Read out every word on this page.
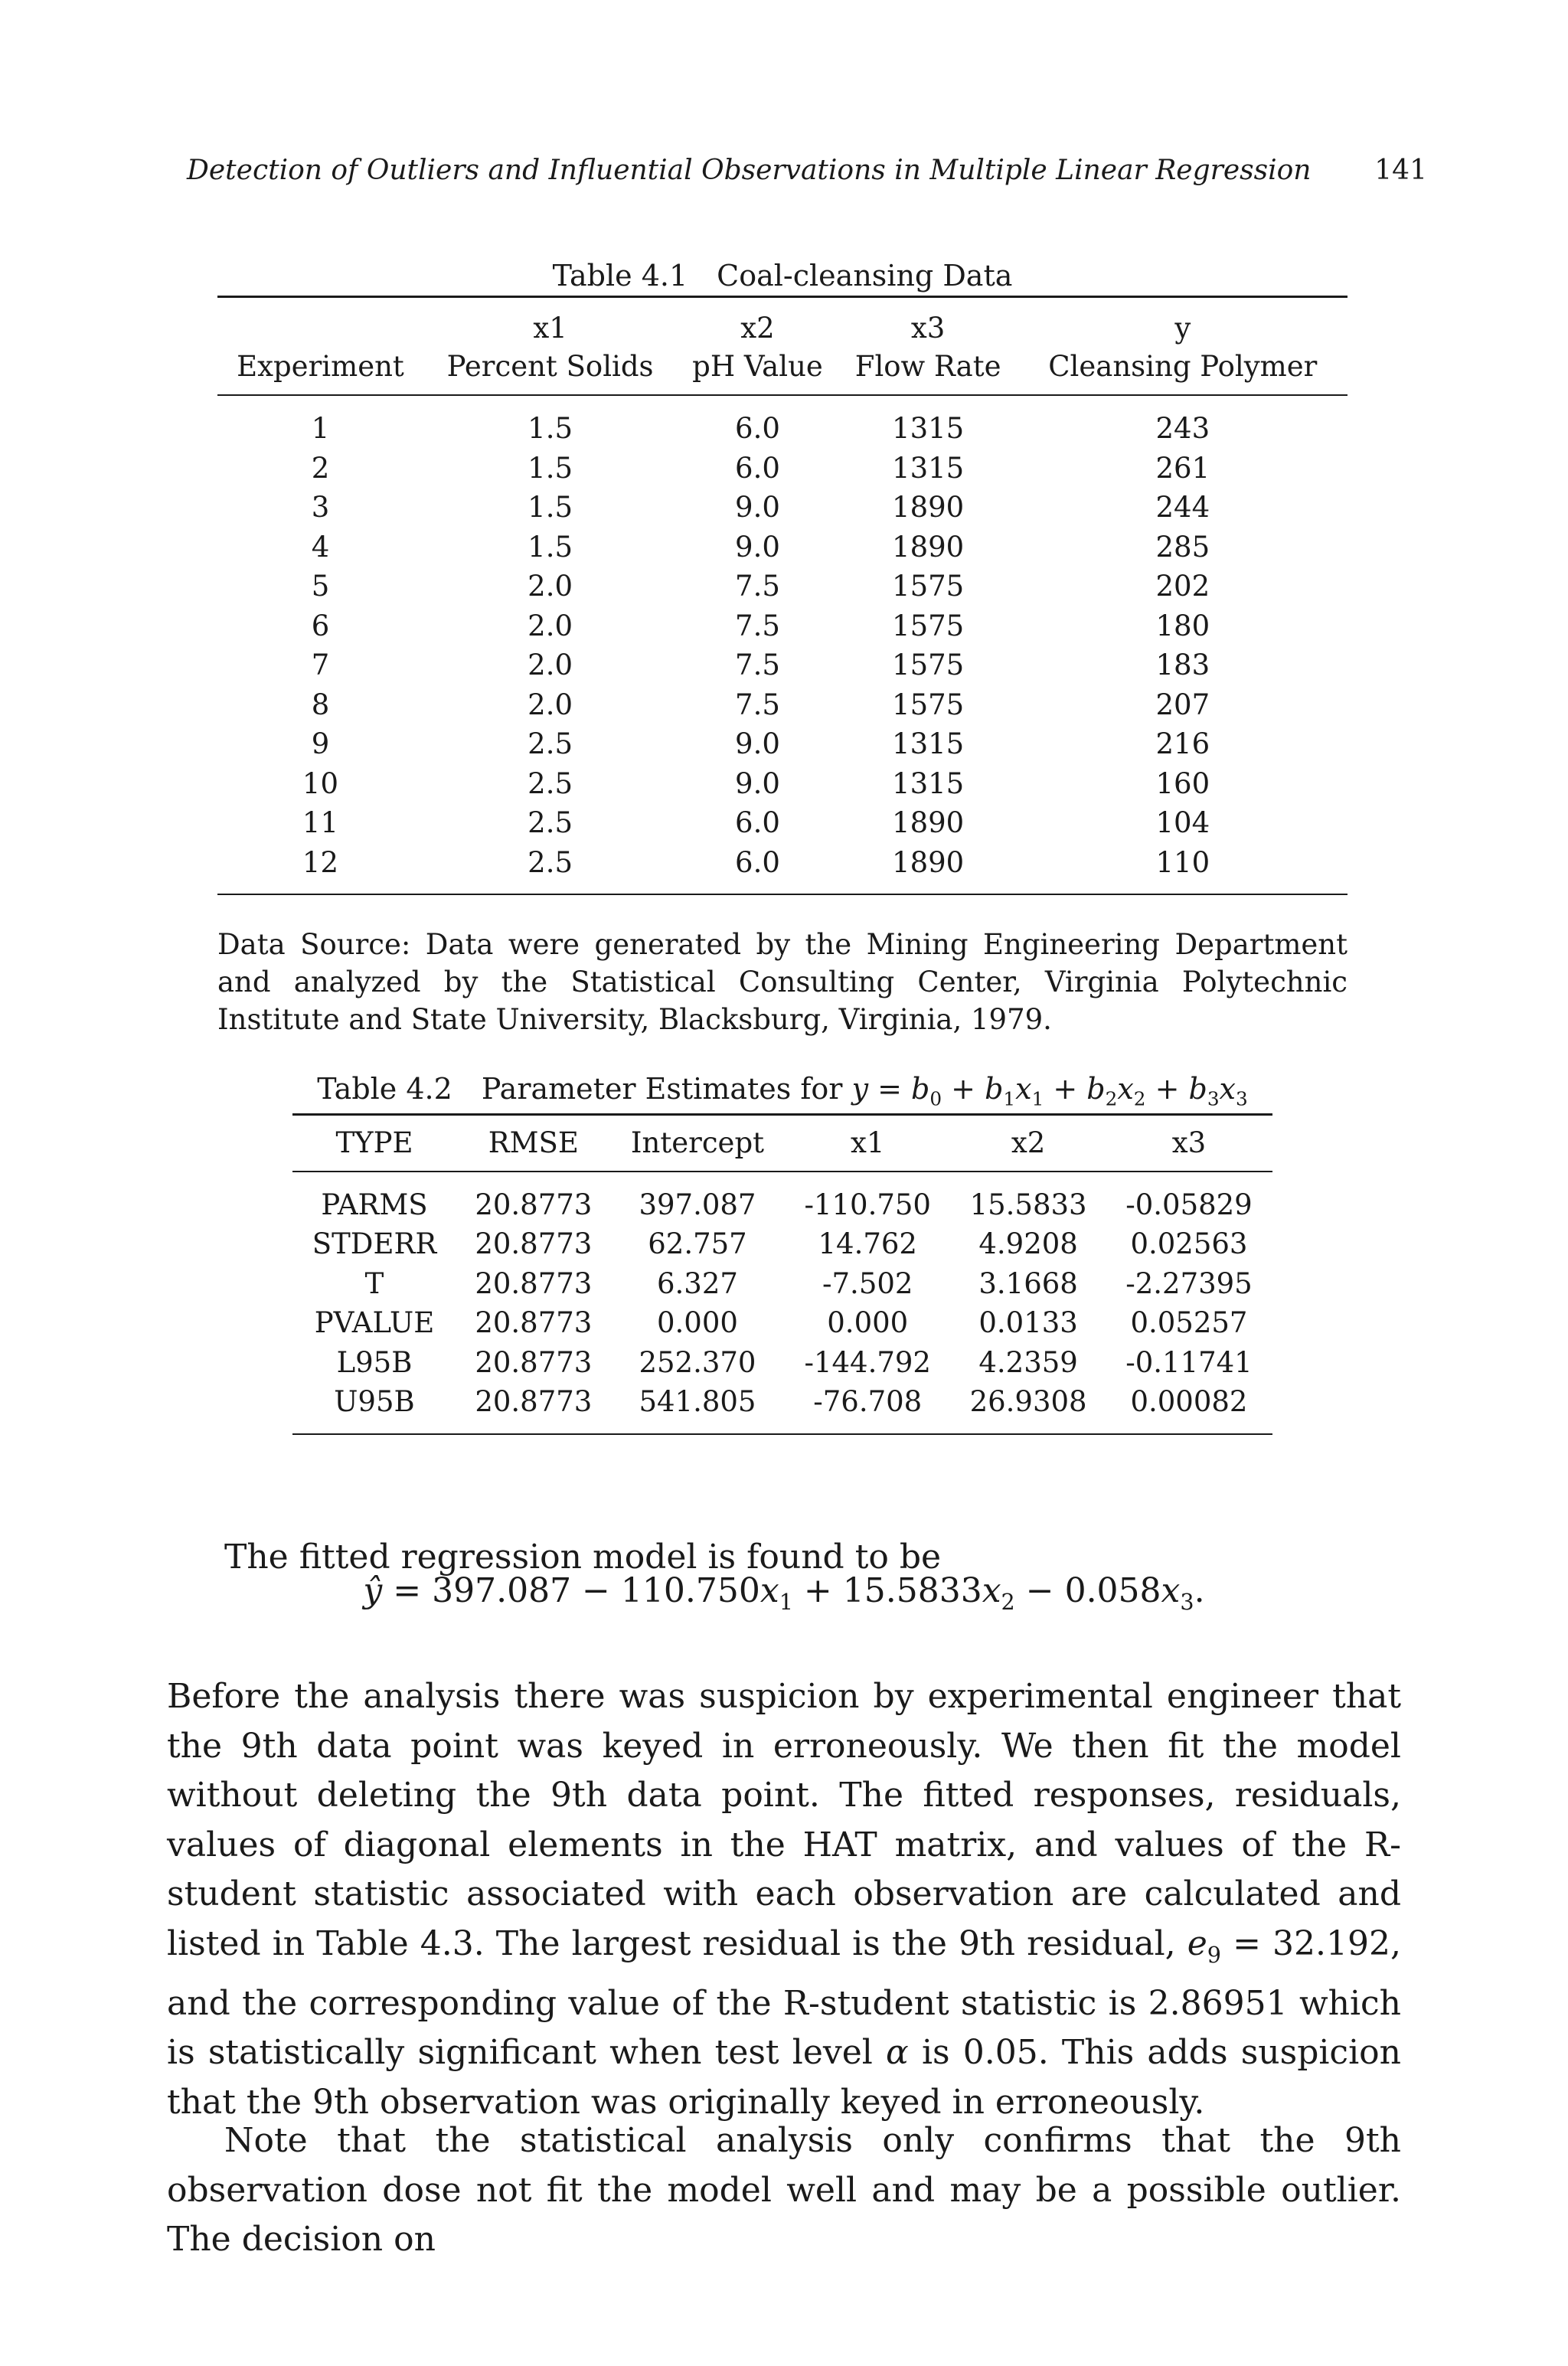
Detection of Outliers and Influential Observations in Multiple Linear Regression 141
Table 4.1 Coal-cleansing Data
	x1	x2	x3	y
Experiment	Percent Solids	pH Value	Flow Rate	Cleansing Polymer
1	1.5	6.0	1315	243
2	1.5	6.0	1315	261
3	1.5	9.0	1890	244
4	1.5	9.0	1890	285
5	2.0	7.5	1575	202
6	2.0	7.5	1575	180
7	2.0	7.5	1575	183
8	2.0	7.5	1575	207
9	2.5	9.0	1315	216
10	2.5	9.0	1315	160
11	2.5	6.0	1890	104
12	2.5	6.0	1890	110

Data Source: Data were generated by the Mining Engineering Department and analyzed by the Statistical Consulting Center, Virginia Polytechnic Institute and State University, Blacksburg, Virginia, 1979.

Table 4.2 Parameter Estimates for $y = b_0 + b_1x_1 + b_2x_2 + b_3x_3$
TYPE	RMSE	Intercept	x1	x2	x3
PARMS	20.8773	397.087	-110.750	15.5833	-0.05829
STDERR	20.8773	62.757	14.762	4.9208	0.02563
T	20.8773	6.327	-7.502	3.1668	-2.27395
PVALUE	20.8773	0.000	0.000	0.0133	0.05257
L95B	20.8773	252.370	-144.792	4.2359	-0.11741
U95B	20.8773	541.805	-76.708	26.9308	0.00082

The fitted regression model is found to be

ŷ = $397.087 - 110.750x_1 + 15.5833x_2 - 0.058x_3$.

Before the analysis there was suspicion by experimental engineer that the 9th data point was keyed in erroneously. We then fit the model without deleting the 9th data point. The fitted responses, residuals, values of diagonal elements in the HAT matrix, and values of the R-student statistic associated with each observation are calculated and listed in Table 4.3. The largest residual is the 9th residual, $e_9 = 32.192$, and the corresponding value of the R-student statistic is 2.86951 which is statistically significant when test level α is 0.05. This adds suspicion that the 9th observation was originally keyed in erroneously.

Note that the statistical analysis only confirms that the 9th observation dose not fit the model well and may be a possible outlier. The decision on
